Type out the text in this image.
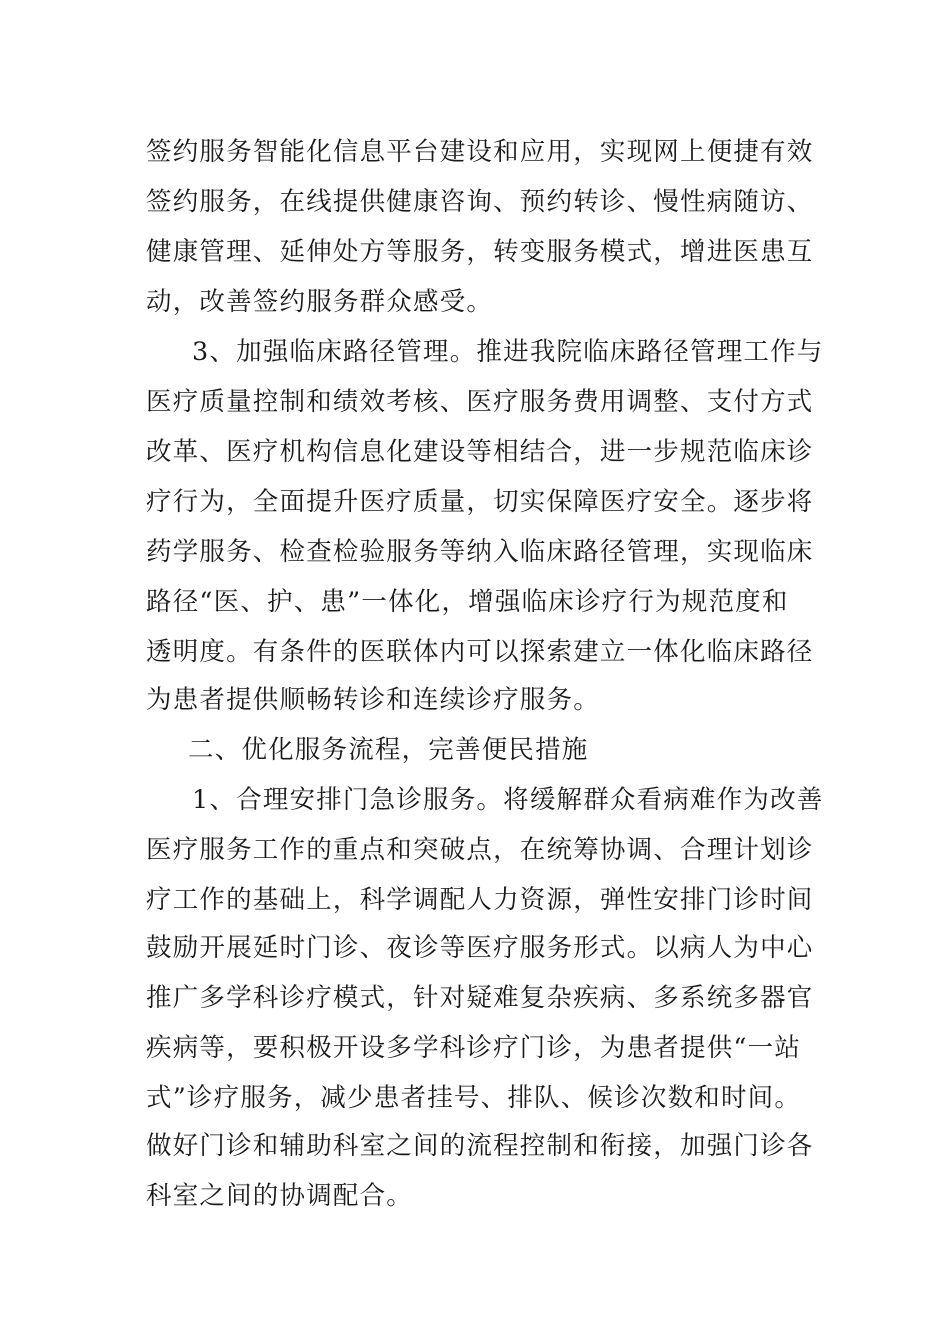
签约服务智能化信息平台建设和应用，实现网上便捷有效
签约服务，在线提供健康咨询、预约转诊、慢性病随访、
健康管理、延伸处方等服务，转变服务模式，增进医患互
动，改善签约服务群众感受。
3、加强临床路径管理。推进我院临床路径管理工作与
医疗质量控制和绩效考核、医疗服务费用调整、支付方式
改革、医疗机构信息化建设等相结合，进一步规范临床诊
疗行为，全面提升医疗质量，切实保障医疗安全。逐步将
药学服务、检查检验服务等纳入临床路径管理，实现临床
路径“医、护、患”一体化，增强临床诊疗行为规范度和
透明度。有条件的医联体内可以探索建立一体化临床路径
为患者提供顺畅转诊和连续诊疗服务。
二、优化服务流程，完善便民措施
1、合理安排门急诊服务。将缓解群众看病难作为改善
医疗服务工作的重点和突破点，在统筹协调、合理计划诊
疗工作的基础上，科学调配人力资源，弹性安排门诊时间
鼓励开展延时门诊、夜诊等医疗服务形式。以病人为中心
推广多学科诊疗模式，针对疑难复杂疾病、多系统多器官
疾病等，要积极开设多学科诊疗门诊，为患者提供“一站
式”诊疗服务，减少患者挂号、排队、候诊次数和时间。
做好门诊和辅助科室之间的流程控制和衔接，加强门诊各
科室之间的协调配合。
